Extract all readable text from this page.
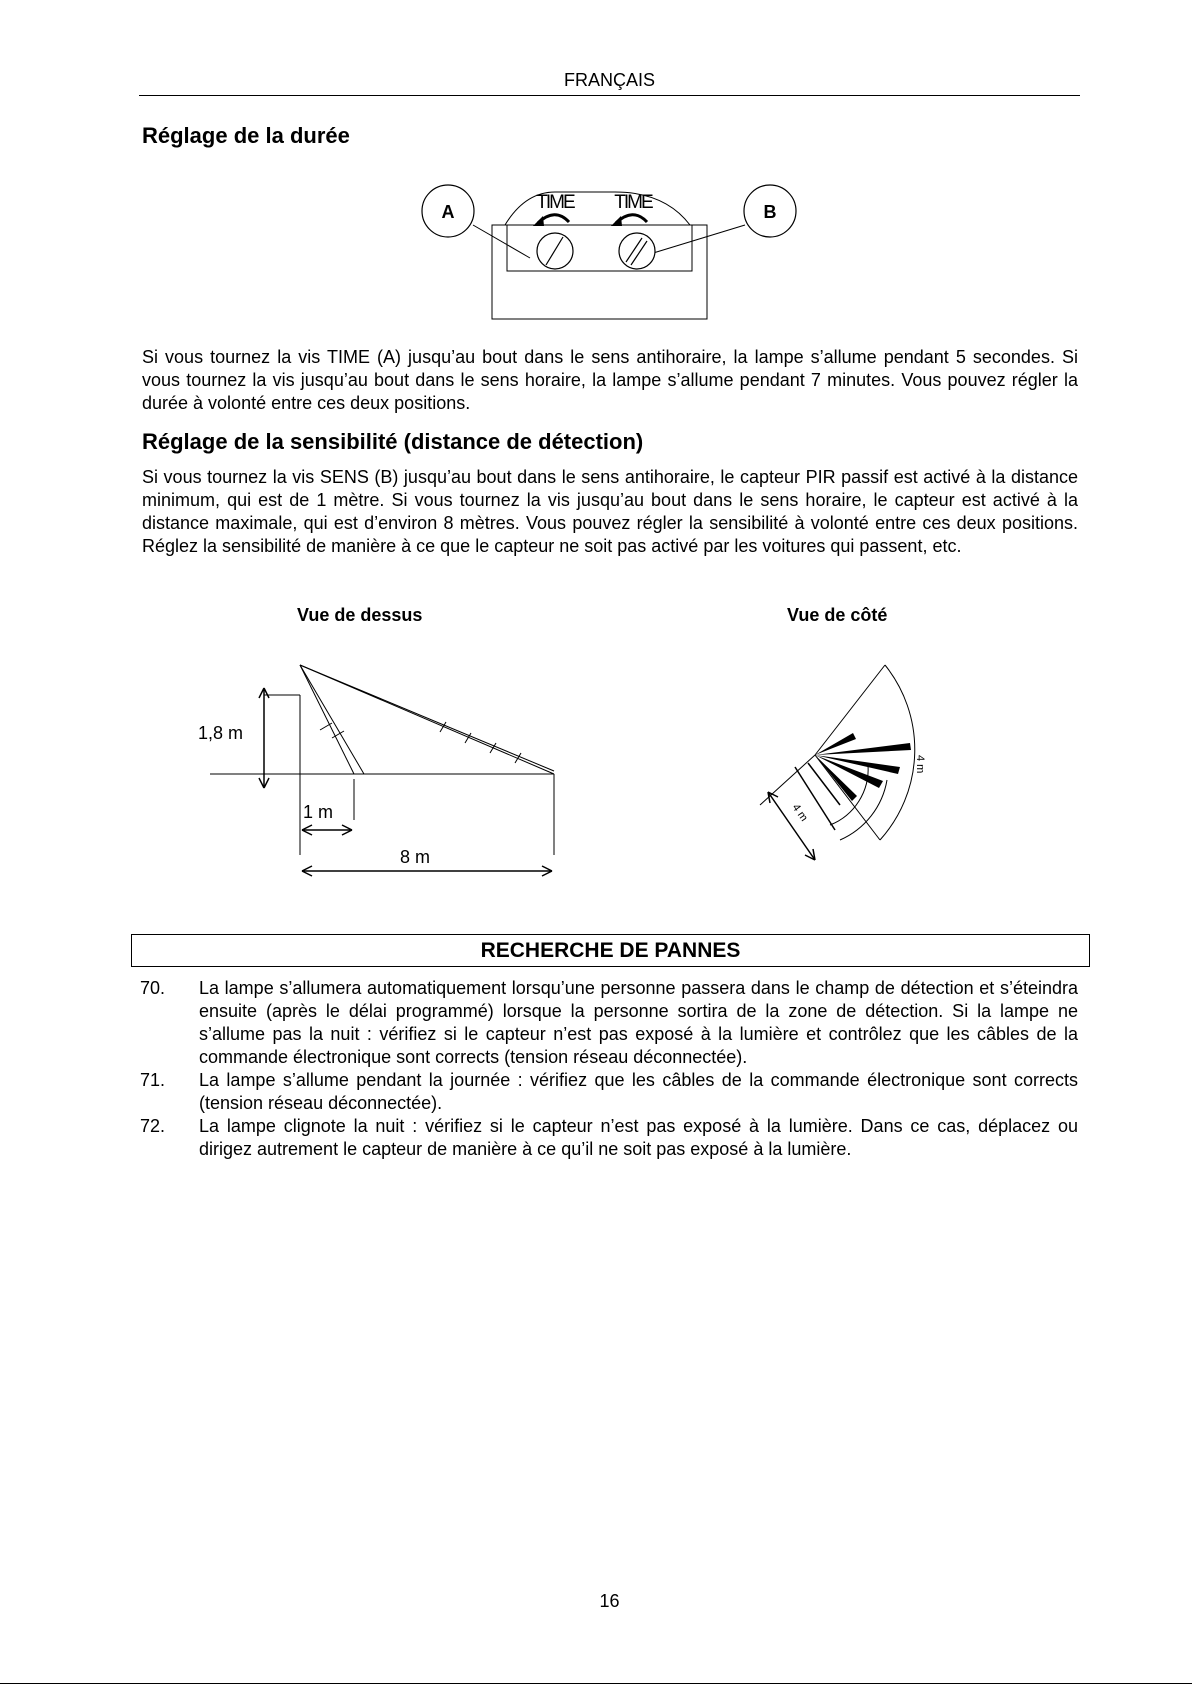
FRANÇAIS
Réglage de la durée
A	B
TIME TIME

Si vous tournez la vis TIME (A) jusqu’au bout dans le sens antihoraire, la lampe s’allume pendant 5 secondes. Si vous tournez la vis jusqu’au bout dans le sens horaire, la lampe s’allume pendant 7 minutes. Vous pouvez régler la durée à volonté entre ces deux positions.

Réglage de la sensibilité (distance de détection)

Si vous tournez la vis SENS (B) jusqu’au bout dans le sens antihoraire, le capteur PIR passif est activé à la distance minimum, qui est de 1 mètre. Si vous tournez la vis jusqu’au bout dans le sens horaire, le capteur est activé à la distance maximale, qui est d’environ 8 mètres. Vous pouvez régler la sensibilité à volonté entre ces deux positions. Réglez la sensibilité de manière à ce que le capteur ne soit pas activé par les voitures qui passent, etc.

Vue de dessus	Vue de côté
1,8 m
1 m
8 m
4 m
4 m
RECHERCHE DE PANNES
70. La lampe s’allumera automatiquement lorsqu’une personne passera dans le champ de détection et s’éteindra ensuite (après le délai programmé) lorsque la personne sortira de la zone de détection. Si la lampe ne s’allume pas la nuit : vérifiez si le capteur n’est pas exposé à la lumière et contrôlez que les câbles de la commande électronique sont corrects (tension réseau déconnectée).
71. La lampe s’allume pendant la journée : vérifiez que les câbles de la commande électronique sont corrects (tension réseau déconnectée).
72. La lampe clignote la nuit : vérifiez si le capteur n’est pas exposé à la lumière. Dans ce cas, déplacez ou dirigez autrement le capteur de manière à ce qu’il ne soit pas exposé à la lumière.
16
